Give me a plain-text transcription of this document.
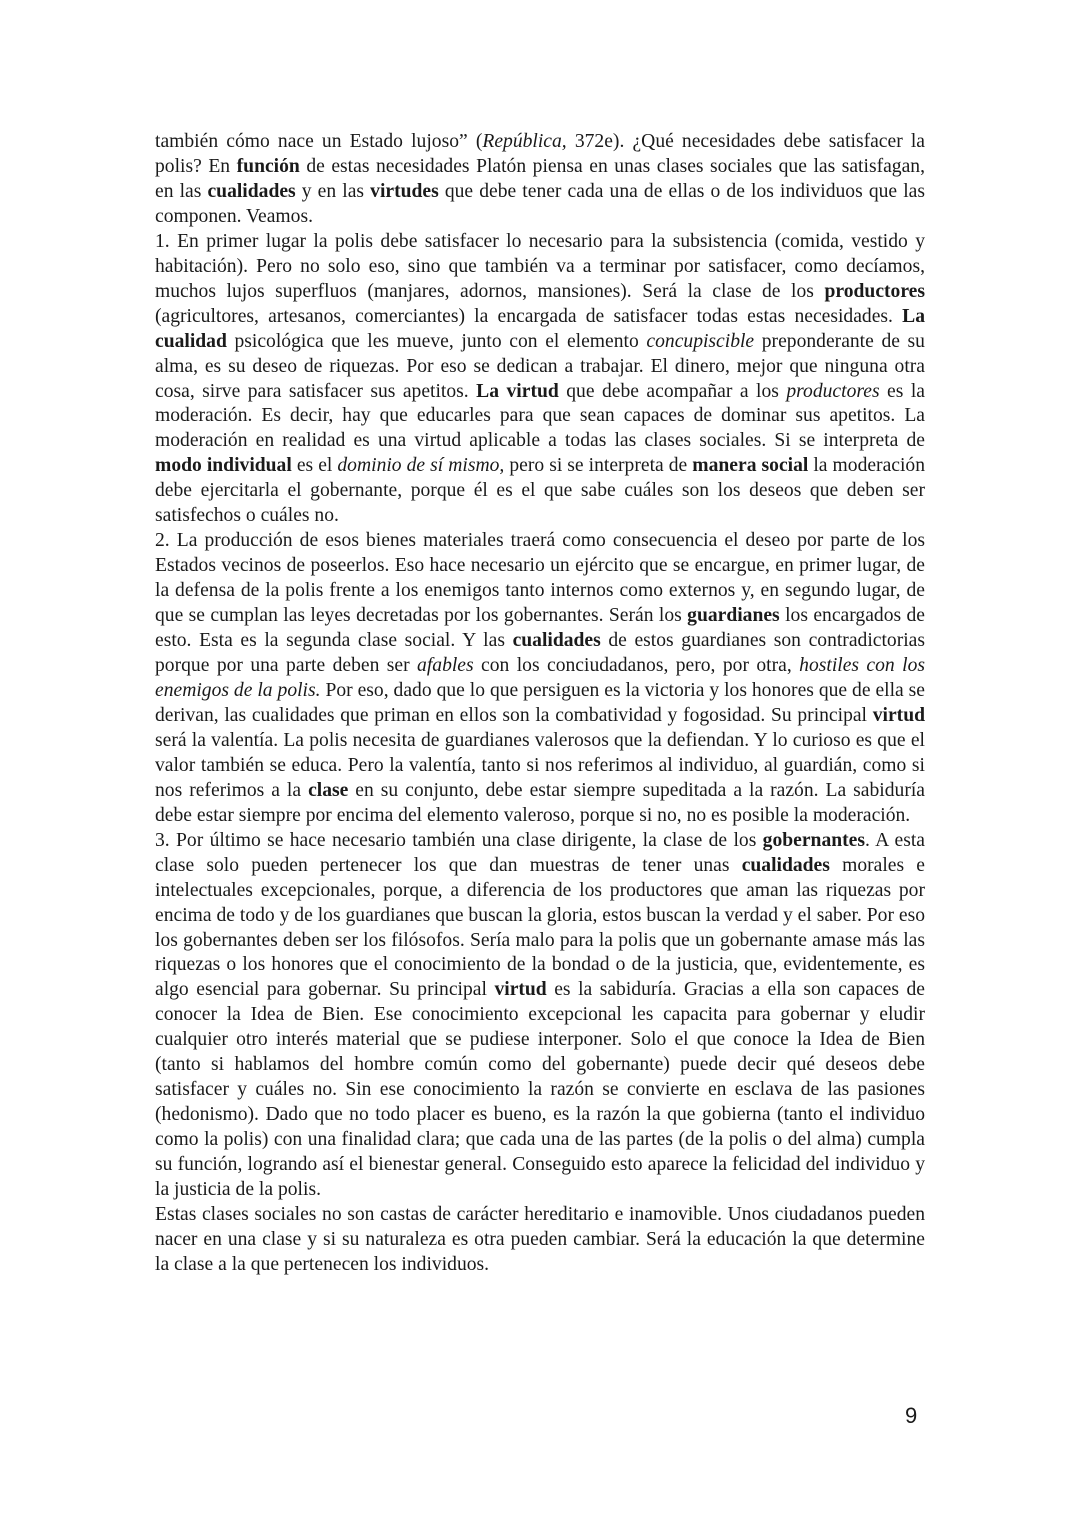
también cómo nace un Estado lujoso” (República, 372e). ¿Qué necesidades debe satisfacer la polis? En función de estas necesidades Platón piensa en unas clases sociales que las satisfagan, en las cualidades y en las virtudes que debe tener cada una de ellas o de los individuos que las componen. Veamos.

1. En primer lugar la polis debe satisfacer lo necesario para la subsistencia (comida, vestido y habitación). Pero no solo eso, sino que también va a terminar por satisfacer, como decíamos, muchos lujos superfluos (manjares, adornos, mansiones). Será la clase de los productores (agricultores, artesanos, comerciantes) la encargada de satisfacer todas estas necesidades. La cualidad psicológica que les mueve, junto con el elemento concupiscible preponderante de su alma, es su deseo de riquezas. Por eso se dedican a trabajar. El dinero, mejor que ninguna otra cosa, sirve para satisfacer sus apetitos. La virtud que debe acompañar a los productores es la moderación. Es decir, hay que educarles para que sean capaces de dominar sus apetitos. La moderación en realidad es una virtud aplicable a todas las clases sociales. Si se interpreta de modo individual es el dominio de sí mismo, pero si se interpreta de manera social la moderación debe ejercitarla el gobernante, porque él es el que sabe cuáles son los deseos que deben ser satisfechos o cuáles no.

2. La producción de esos bienes materiales traerá como consecuencia el deseo por parte de los Estados vecinos de poseerlos. Eso hace necesario un ejército que se encargue, en primer lugar, de la defensa de la polis frente a los enemigos tanto internos como externos y, en segundo lugar, de que se cumplan las leyes decretadas por los gobernantes. Serán los guardianes los encargados de esto. Esta es la segunda clase social. Y las cualidades de estos guardianes son contradictorias porque por una parte deben ser afables con los conciudadanos, pero, por otra, hostiles con los enemigos de la polis. Por eso, dado que lo que persiguen es la victoria y los honores que de ella se derivan, las cualidades que priman en ellos son la combatividad y fogosidad. Su principal virtud será la valentía. La polis necesita de guardianes valerosos que la defiendan. Y lo curioso es que el valor también se educa. Pero la valentía, tanto si nos referimos al individuo, al guardián, como si nos referimos a la clase en su conjunto, debe estar siempre supeditada a la razón. La sabiduría debe estar siempre por encima del elemento valeroso, porque si no, no es posible la moderación.

3. Por último se hace necesario también una clase dirigente, la clase de los gobernantes. A esta clase solo pueden pertenecer los que dan muestras de tener unas cualidades morales e intelectuales excepcionales, porque, a diferencia de los productores que aman las riquezas por encima de todo y de los guardianes que buscan la gloria, estos buscan la verdad y el saber. Por eso los gobernantes deben ser los filósofos. Sería malo para la polis que un gobernante amase más las riquezas o los honores que el conocimiento de la bondad o de la justicia, que, evidentemente, es algo esencial para gobernar. Su principal virtud es la sabiduría. Gracias a ella son capaces de conocer la Idea de Bien. Ese conocimiento excepcional les capacita para gobernar y eludir cualquier otro interés material que se pudiese interponer. Solo el que conoce la Idea de Bien (tanto si hablamos del hombre común como del gobernante) puede decir qué deseos debe satisfacer y cuáles no. Sin ese conocimiento la razón se convierte en esclava de las pasiones (hedonismo). Dado que no todo placer es bueno, es la razón la que gobierna (tanto el individuo como la polis) con una finalidad clara; que cada una de las partes (de la polis o del alma) cumpla su función, logrando así el bienestar general. Conseguido esto aparece la felicidad del individuo y la justicia de la polis.

Estas clases sociales no son castas de carácter hereditario e inamovible. Unos ciudadanos pueden nacer en una clase y si su naturaleza es otra pueden cambiar. Será la educación la que determine la clase a la que pertenecen los individuos.

9
